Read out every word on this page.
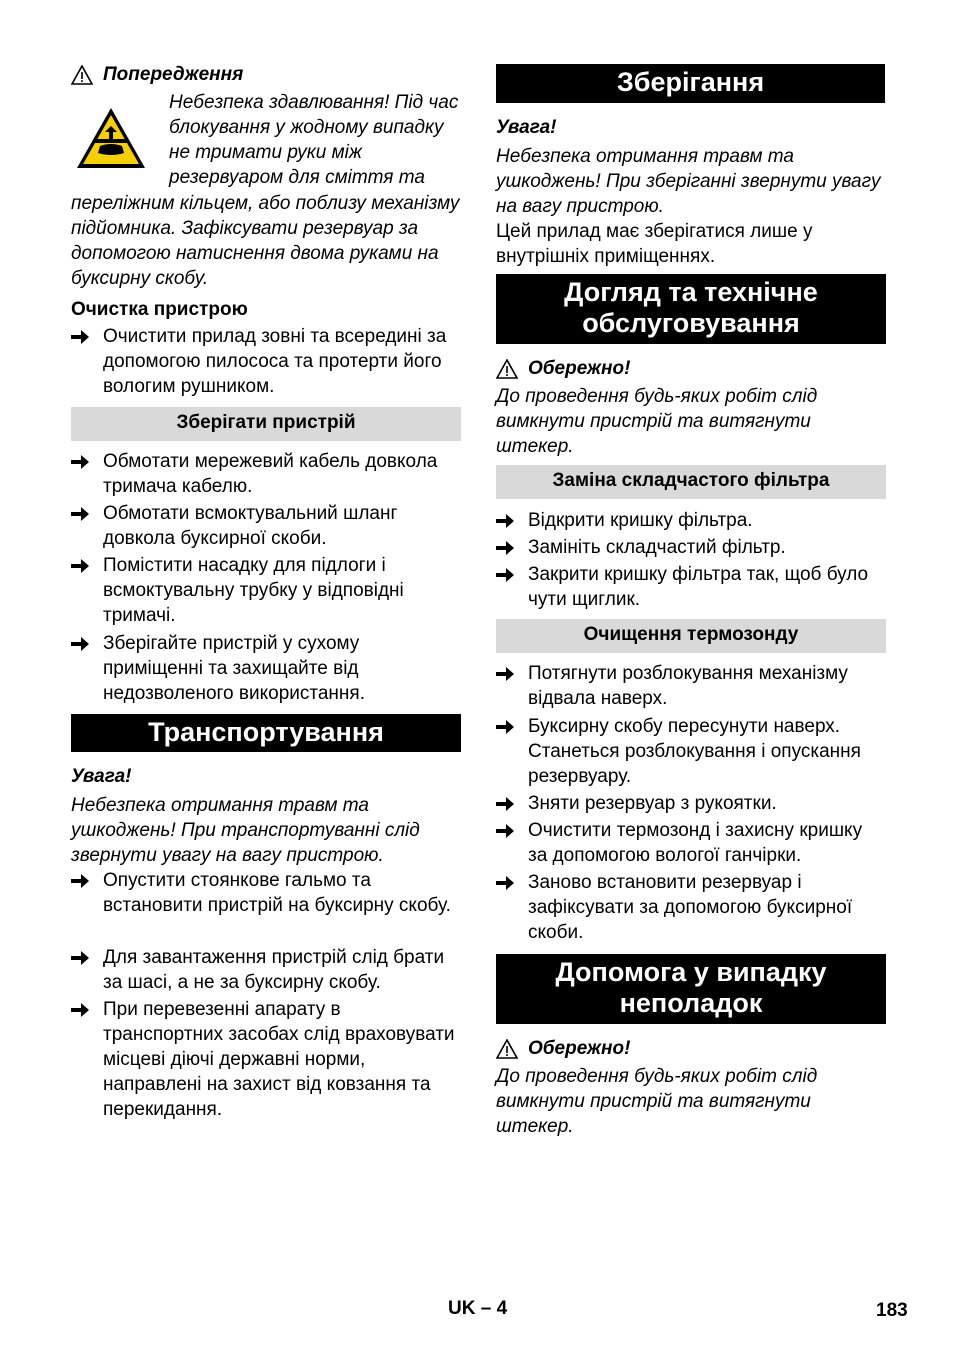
Попередження
Небезпека здавлювання! Під час блокування у жодному випадку не тримати руки між резервуаром для сміття та
переліжним кільцем, або поблизу механізму підйомника. Зафіксувати резервуар за допомогою натиснення двома руками на буксирну скобу.
Очистка пристрою
Очистити прилад зовні та всередині за допомогою пилососа та протерти його вологим рушником.
Зберігати пристрій
Обмотати мережевий кабель довкола тримача кабелю.
Обмотати всмоктувальний шланг довкола буксирної скоби.
Помістити насадку для підлоги і всмоктувальну трубку у відповідні тримачі.
Зберігайте пристрій у сухому приміщенні та захищайте від недозволеного використання.
Транспортування
Увага!
Небезпека отримання травм та ушкоджень! При транспортуванні слід звернути увагу на вагу пристрою.
Опустити стоянкове гальмо та встановити пристрій на буксирну скобу.
Для завантаження пристрій слід брати за шасі, а не за буксирну скобу.
При перевезенні апарату в транспортних засобах слід враховувати місцеві діючі державні норми, направлені на захист від ковзання та перекидання.
Зберігання
Увага!
Небезпека отримання травм та ушкоджень! При зберіганні звернути увагу на вагу пристрою.
Цей прилад має зберігатися лише у внутрішніх приміщеннях.
Догляд та технічне обслуговування
Обережно!
До проведення будь-яких робіт слід вимкнути пристрій та витягнути штекер.
Заміна складчастого фільтра
Відкрити кришку фільтра.
Замініть складчастий фільтр.
Закрити кришку фільтра так, щоб було чути щиглик.
Очищення термозонду
Потягнути розблокування механізму відвала наверх.
Буксирну скобу пересунути наверх. Станеться розблокування і опускання резервуару.
Зняти резервуар з рукоятки.
Очистити термозонд і захисну кришку за допомогою вологої ганчірки.
Заново встановити резервуар і зафіксувати за допомогою буксирної скоби.
Допомога у випадку неполадок
Обережно!
До проведення будь-яких робіт слід вимкнути пристрій та витягнути штекер.
UK – 4	183
